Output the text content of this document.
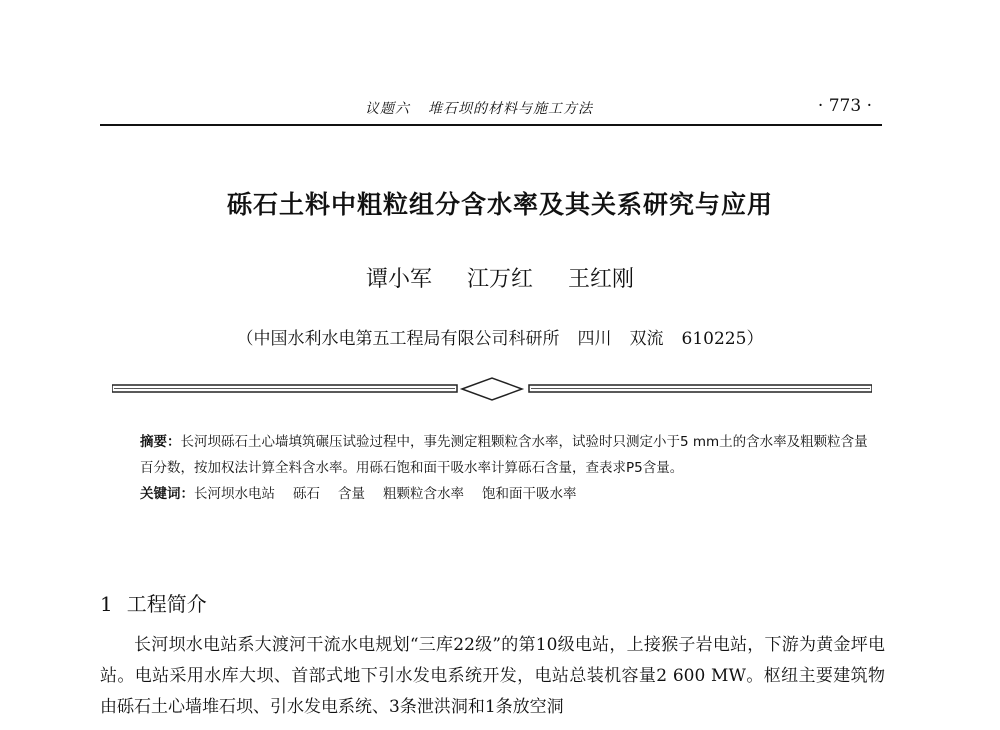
议题六 堆石坝的材料与施工方法	· 773 ·
砾石土料中粗粒组分含水率及其关系研究与应用
谭小军 江万红 王红刚
（中国水利水电第五工程局有限公司科研所 四川 双流 610225）

摘要：长河坝砾石土心墙填筑碾压试验过程中，事先测定粗颗粒含水率，试验时只测定小于5 mm土的含水率及粗颗粒含量百分数，按加权法计算全料含水率。用砾石饱和面干吸水率计算砾石含量，查表求P5含量。

关键词：长河坝水电站 砾石 含量 粗颗粒含水率 饱和面干吸水率

1 工程简介

长河坝水电站系大渡河干流水电规划“三库22级”的第10级电站，上接猴子岩电站，下游为黄金坪电站。电站采用水库大坝、首部式地下引水发电系统开发，电站总装机容量2 600 MW。枢纽主要建筑物由砾石土心墙堆石坝、引水发电系统、3条泄洪洞和1条放空洞
